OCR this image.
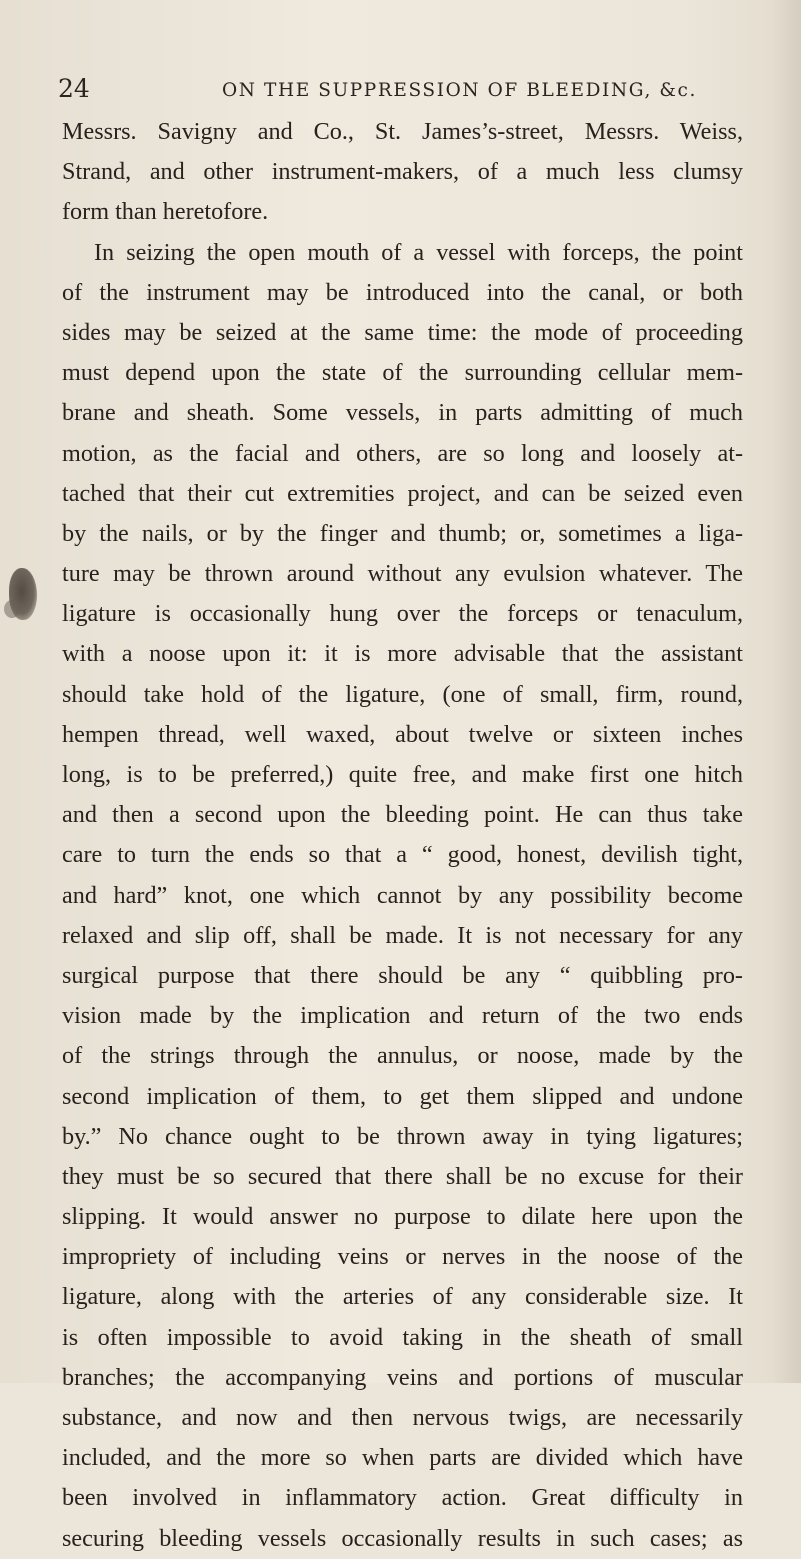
24	ON THE SUPPRESSION OF BLEEDING, &c.
Messrs. Savigny and Co., St. James’s-street, Messrs. Weiss,
Strand, and other instrument-makers, of a much less clumsy
form than heretofore.
In seizing the open mouth of a vessel with forceps, the point
of the instrument may be introduced into the canal, or both
sides may be seized at the same time: the mode of proceeding
must depend upon the state of the surrounding cellular mem-
brane and sheath. Some vessels, in parts admitting of much
motion, as the facial and others, are so long and loosely at-
tached that their cut extremities project, and can be seized even
by the nails, or by the finger and thumb; or, sometimes a liga-
ture may be thrown around without any evulsion whatever. The
ligature is occasionally hung over the forceps or tenaculum,
with a noose upon it: it is more advisable that the assistant
should take hold of the ligature, (one of small, firm, round,
hempen thread, well waxed, about twelve or sixteen inches
long, is to be preferred,) quite free, and make first one hitch
and then a second upon the bleeding point. He can thus take
care to turn the ends so that a “ good, honest, devilish tight,
and hard” knot, one which cannot by any possibility become
relaxed and slip off, shall be made. It is not necessary for any
surgical purpose that there should be any “ quibbling pro-
vision made by the implication and return of the two ends
of the strings through the annulus, or noose, made by the
second implication of them, to get them slipped and undone
by.” No chance ought to be thrown away in tying ligatures;
they must be so secured that there shall be no excuse for their
slipping. It would answer no purpose to dilate here upon the
impropriety of including veins or nerves in the noose of the
ligature, along with the arteries of any considerable size. It
is often impossible to avoid taking in the sheath of small
branches; the accompanying veins and portions of muscular
substance, and now and then nervous twigs, are necessarily
included, and the more so when parts are divided which have
been involved in inflammatory action. Great difficulty in
securing bleeding vessels occasionally results in such cases; as
